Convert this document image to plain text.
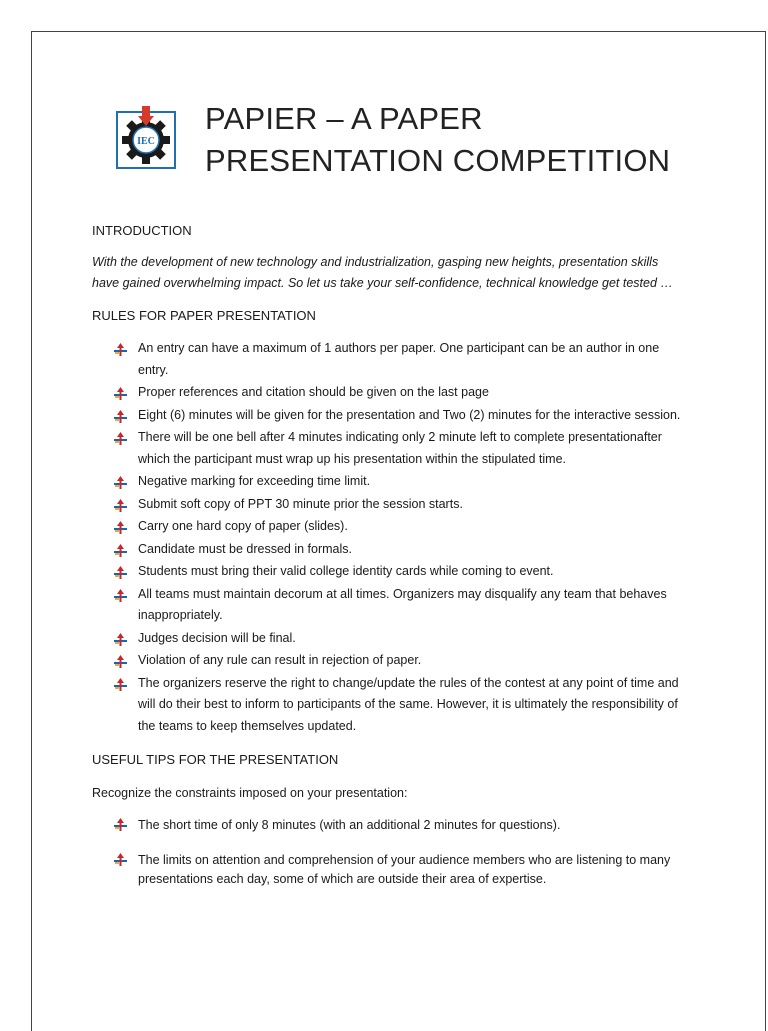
IEC
PAPIER – A PAPER
PRESENTATION COMPETITION
INTRODUCTION
With the development of new technology and industrialization, gasping new heights, presentation skills have gained overwhelming impact. So let us take your self-confidence, technical knowledge get tested …
RULES FOR PAPER PRESENTATION
An entry can have a maximum of 1 authors per paper. One participant can be an author in one entry.
Proper references and citation should be given on the last page
Eight (6) minutes will be given for the presentation and Two (2) minutes for the interactive session.
There will be one bell after 4 minutes indicating only 2 minute left to complete presentationafter which the participant must wrap up his presentation within the stipulated time.
Negative marking for exceeding time limit.
Submit soft copy of PPT 30 minute prior the session starts.
Carry one hard copy of paper (slides).
Candidate must be dressed in formals.
Students must bring their valid college identity cards while coming to event.
All teams must maintain decorum at all times. Organizers may disqualify any team that behaves inappropriately.
Judges decision will be final.
Violation of any rule can result in rejection of paper.
The organizers reserve the right to change/update the rules of the contest at any point of time and will do their best to inform to participants of the same. However, it is ultimately the responsibility of the teams to keep themselves updated.
USEFUL TIPS FOR THE PRESENTATION
Recognize the constraints imposed on your presentation:
The short time of only 8 minutes (with an additional 2 minutes for questions).
The limits on attention and comprehension of your audience members who are listening to many presentations each day, some of which are outside their area of expertise.
